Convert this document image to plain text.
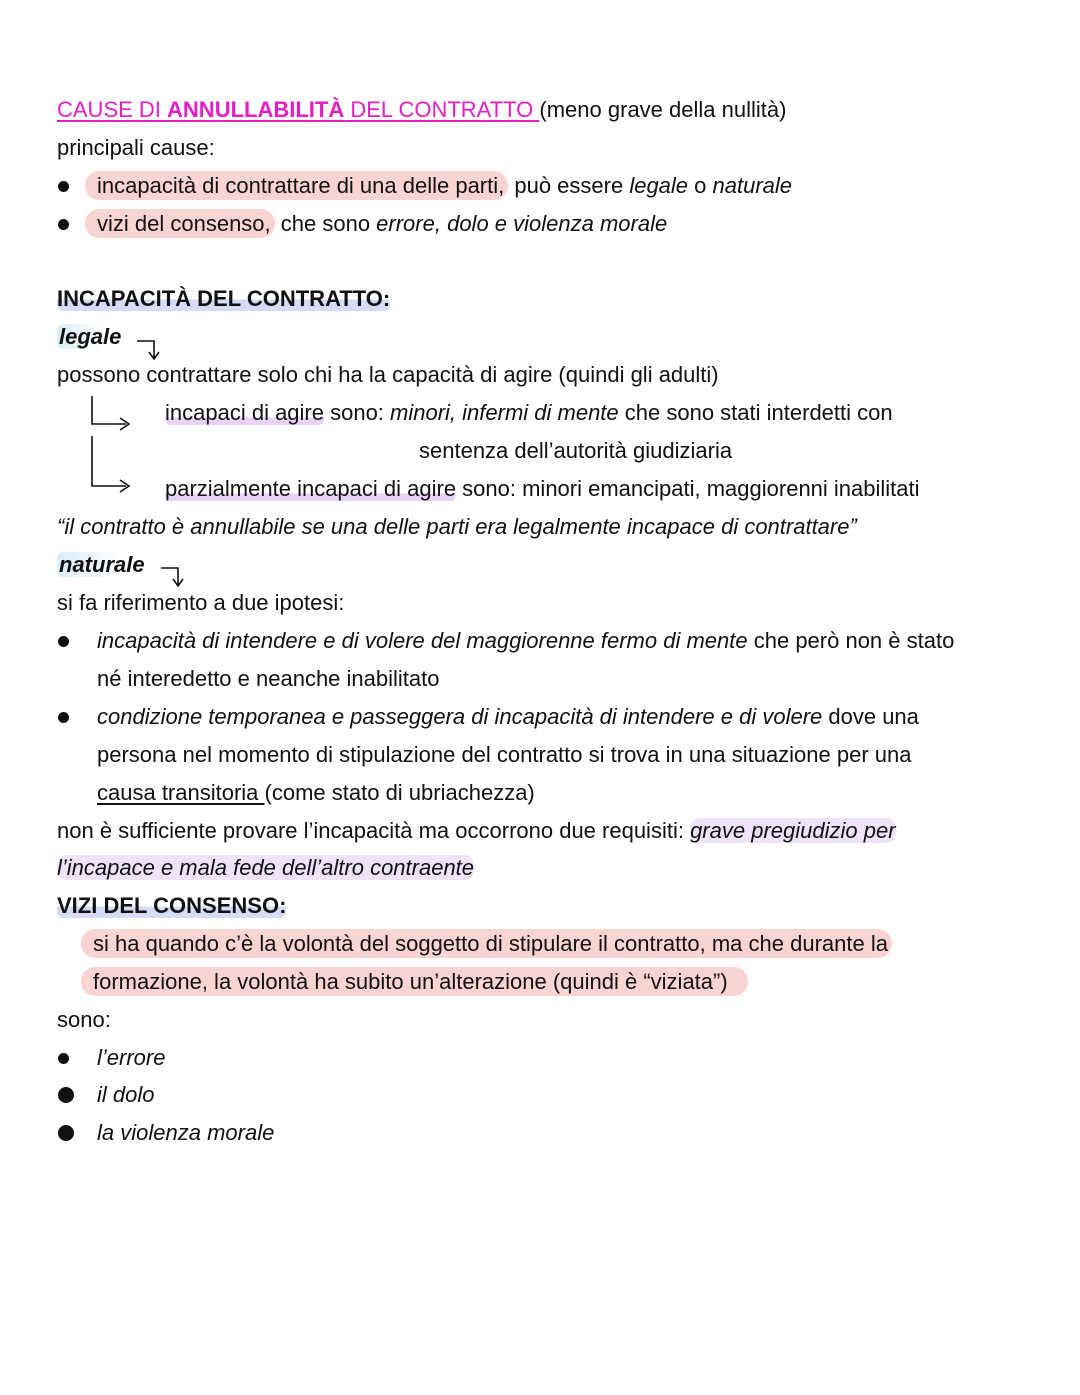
CAUSE DI ANNULLABILITÀ DEL CONTRATTO (meno grave della nullità)
principali cause:
incapacità di contrattare di una delle parti, può essere legale o naturale
vizi del consenso, che sono errore, dolo e violenza morale
INCAPACITÀ DEL CONTRATTO:
legale
possono contrattare solo chi ha la capacità di agire (quindi gli adulti)
incapaci di agire sono: minori, infermi di mente che sono stati interdetti con
sentenza dell’autorità giudiziaria
parzialmente incapaci di agire sono: minori emancipati, maggiorenni inabilitati
“il contratto è annullabile se una delle parti era legalmente incapace di contrattare”
naturale
si fa riferimento a due ipotesi:
incapacità di intendere e di volere del maggiorenne fermo di mente che però non è stato
né interedetto e neanche inabilitato
condizione temporanea e passeggera di incapacità di intendere e di volere dove una
persona nel momento di stipulazione del contratto si trova in una situazione per una
causa transitoria (come stato di ubriachezza)
non è sufficiente provare l’incapacità ma occorrono due requisiti: grave pregiudizio per
l’incapace e mala fede dell’altro contraente
VIZI DEL CONSENSO:
si ha quando c’è la volontà del soggetto di stipulare il contratto, ma che durante la
formazione, la volontà ha subito un’alterazione (quindi è “viziata”)
sono:
l’errore
il dolo
la violenza morale
